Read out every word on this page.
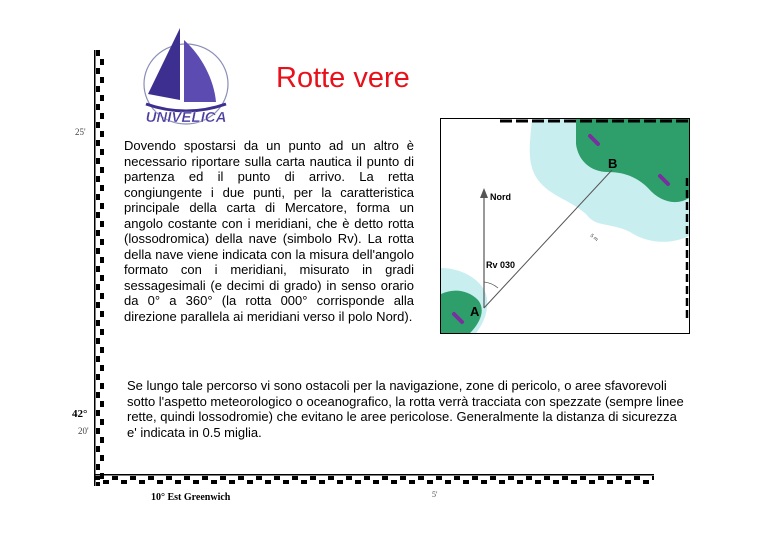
UNIVELICA
Rotte vere
Dovendo spostarsi da un punto ad un altro è necessario riportare sulla carta nautica il punto di partenza ed il punto di arrivo. La retta congiungente i due punti, per la caratteristica principale della carta di Mercatore, forma un angolo costante con i meridiani, che è detto rotta (lossodromica) della nave (simbolo Rv). La rotta della nave viene indicata con la misura dell'angolo formato con i meridiani, misurato in gradi sessagesimali (e decimi di grado) in senso orario da 0° a 360° (la rotta 000° corrisponde alla direzione parallela ai meridiani verso il polo Nord).
Se lungo tale percorso vi sono ostacoli per la navigazione, zone di pericolo, o aree sfavorevoli sotto l'aspetto meteorologico o oceanografico, la rotta verrà tracciata con spezzate (sempre linee rette, quindi lossodromie) che evitano le aree pericolose. Generalmente la distanza di sicurezza e' indicata in 0.5 miglia.
25'
42°
20'
10° Est Greenwich	5'
Nord
Rv 030
A
B
5 m
